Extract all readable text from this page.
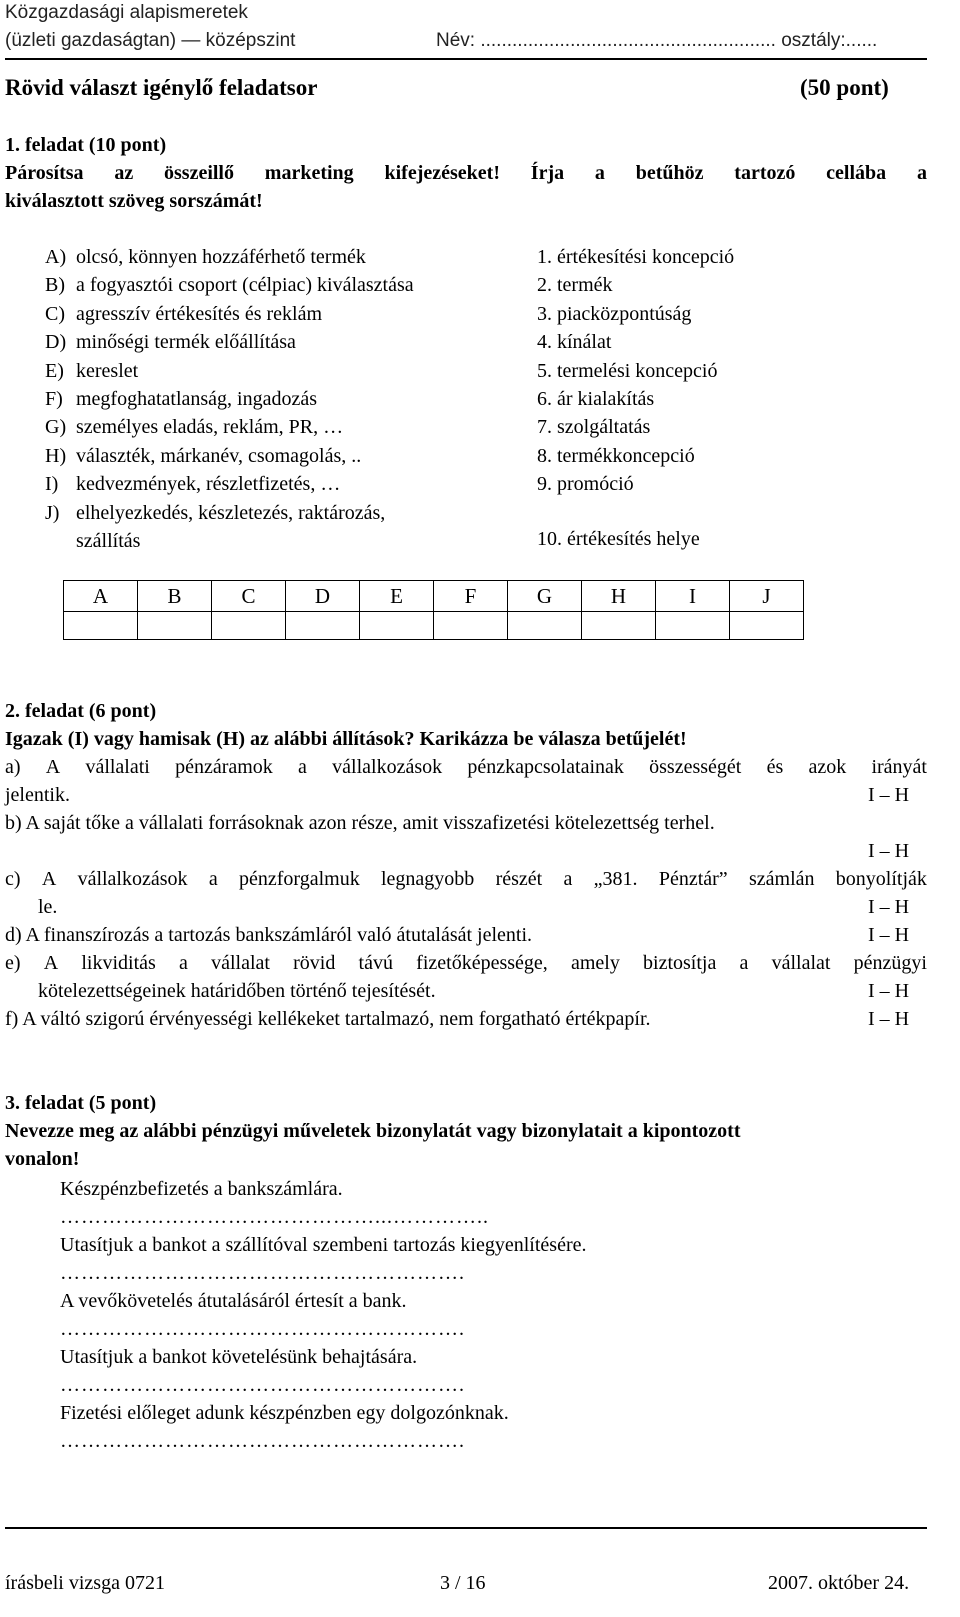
Közgazdasági alapismeretek
(üzleti gazdaságtan) — középszint	Név: ........................................................ osztály:......
Rövid választ igénylő feladatsor	(50 pont)
1. feladat (10 pont)
Párosítsa az összeillő marketing kifejezéseket! Írja a betűhöz tartozó cellába a
kiválasztott szöveg sorszámát!
A) olcsó, könnyen hozzáférhető termék
B) a fogyasztói csoport (célpiac) kiválasztása
C) agresszív értékesítés és reklám
D) minőségi termék előállítása
E) kereslet
F) megfoghatatlanság, ingadozás
G) személyes eladás, reklám, PR, …
H) választék, márkanév, csomagolás, ..
I) kedvezmények, részletfizetés, …
J) elhelyezkedés, készletezés, raktározás,
szállítás
1. értékesítési koncepció
2. termék
3. piacközpontúság
4. kínálat
5. termelési koncepció
6. ár kialakítás
7. szolgáltatás
8. termékkoncepció
9. promóció
10. értékesítés helye
A	B	C	D	E	F	G	H	I	J

2. feladat (6 pont)
Igazak (I) vagy hamisak (H) az alábbi állítások? Karikázza be válasza betűjelét!
a) A vállalati pénzáramok a vállalkozások pénzkapcsolatainak összességét és azok irányát
jelentik.	I – H
b) A saját tőke a vállalati forrásoknak azon része, amit visszafizetési kötelezettség terhel.
I – H
c) A vállalkozások a pénzforgalmuk legnagyobb részét a „381. Pénztár” számlán bonyolítják
le.	I – H
d) A finanszírozás a tartozás bankszámláról való átutalását jelenti.	I – H
e) A likviditás a vállalat rövid távú fizetőképessége, amely biztosítja a vállalat pénzügyi
kötelezettségeinek határidőben történő tejesítését.	I – H
f) A váltó szigorú érvényességi kellékeket tartalmazó, nem forgatható értékpapír.	I – H
3. feladat (5 pont)
Nevezze meg az alábbi pénzügyi műveletek bizonylatát vagy bizonylatait a kipontozott
vonalon!
Készpénzbefizetés a bankszámlára.
………………………………………...…………..
Utasítjuk a bankot a szállítóval szembeni tartozás kiegyenlítésére.
………………………………………………….
A vevőkövetelés átutalásáról értesít a bank.
………………………………………………….
Utasítjuk a bankot követelésünk behajtására.
………………………………………………….
Fizetési előleget adunk készpénzben egy dolgozónknak.
………………………………………………….
írásbeli vizsga 0721	3 / 16	2007. október 24.
